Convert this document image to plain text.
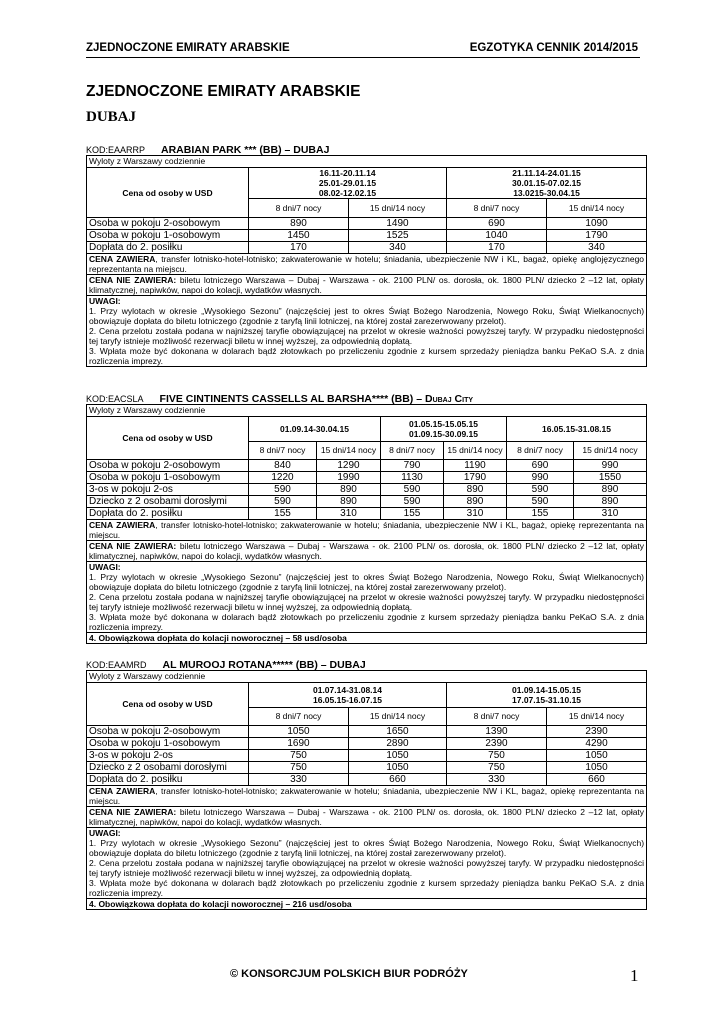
ZJEDNOCZONE EMIRATY ARABSKIE	EGZOTYKA CENNIK 2014/2015
ZJEDNOCZONE EMIRATY ARABSKIE
DUBAJ
KOD:EAARRP ARABIAN PARK *** (BB) – DUBAJ
Wyloty z Warszawy codziennie				
Cena od osoby w USD	16.11-20.11.14
25.01-29.01.15
08.02-12.02.15		21.11.14-24.01.15
30.01.15-07.02.15
13.0215-30.04.15	
	8 dni/7 nocy	15 dni/14 nocy	8 dni/7 nocy	15 dni/14 nocy
Osoba w pokoju 2-osobowym	890	1490	690	1090
Osoba w pokoju 1-osobowym	1450	1525	1040	1790
Dopłata do 2. posiłku	170	340	170	340
CENA ZAWIERA, transfer lotnisko-hotel-lotnisko; zakwaterowanie w hotelu; śniadania, ubezpieczenie NW i KL, bagaż, opiekę anglojęzycznego reprezentanta na miejscu.				
CENA NIE ZAWIERA: biletu lotniczego Warszawa – Dubaj - Warszawa - ok. 2100 PLN/ os. dorosła, ok. 1800 PLN/ dziecko 2 –12 lat, opłaty klimatycznej, napiwków, napoi do kolacji, wydatków własnych.				

UWAGI:
1. Przy wylotach w okresie „Wysokiego Sezonu” (najczęściej jest to okres Świąt Bożego Narodzenia, Nowego Roku, Świąt Wielkanocnych) obowiązuje dopłata do biletu lotniczego (zgodnie z taryfą linii lotniczej, na której został zarezerwowany przelot).
2. Cena przelotu została podana w najniższej taryfie obowiązującej na przelot w okresie ważności powyższej taryfy. W przypadku niedostępności tej taryfy istnieje możliwość rezerwacji biletu w innej wyższej, za odpowiednią dopłatą.
3. Wpłata może być dokonana w dolarach bądź złotowkach po przeliczeniu zgodnie z kursem sprzedaży pieniądza banku PeKaO S.A. z dnia rozliczenia imprezy.				
KOD:EACSLA FIVE CINTINENTS CASSELLS AL BARSHA**** (BB) – Dubaj City
Wyloty z Warszawy codziennie						
Cena od osoby w USD	01.09.14-30.04.15		01.05.15-15.05.15
01.09.15-30.09.15		16.05.15-31.08.15	
	8 dni/7 nocy	15 dni/14 nocy	8 dni/7 nocy	15 dni/14 nocy	8 dni/7 nocy	15 dni/14 nocy
Osoba w pokoju 2-osobowym	840	1290	790	1190	690	990
Osoba w pokoju 1-osobowym	1220	1990	1130	1790	990	1550
3-os w pokoju 2-os	590	890	590	890	590	890
Dziecko z 2 osobami dorosłymi	590	890	590	890	590	890
Dopłata do 2. posiłku	155	310	155	310	155	310
CENA ZAWIERA, transfer lotnisko-hotel-lotnisko; zakwaterowanie w hotelu; śniadania, ubezpieczenie NW i KL, bagaż, opiekę reprezentanta na miejscu.						
CENA NIE ZAWIERA: biletu lotniczego Warszawa – Dubaj - Warszawa - ok. 2100 PLN/ os. dorosła, ok. 1800 PLN/ dziecko 2 –12 lat, opłaty klimatycznej, napiwków, napoi do kolacji, wydatków własnych.						

UWAGI:
1. Przy wylotach w okresie „Wysokiego Sezonu” (najczęściej jest to okres Świąt Bożego Narodzenia, Nowego Roku, Świąt Wielkanocnych) obowiązuje dopłata do biletu lotniczego (zgodnie z taryfą linii lotniczej, na której został zarezerwowany przelot).
2. Cena przelotu została podana w najniższej taryfie obowiązującej na przelot w okresie ważności powyższej taryfy. W przypadku niedostępności tej taryfy istnieje możliwość rezerwacji biletu w innej wyższej, za odpowiednią dopłatą.
3. Wpłata może być dokonana w dolarach bądź złotowkach po przeliczeniu zgodnie z kursem sprzedaży pieniądza banku PeKaO S.A. z dnia rozliczenia imprezy.						

4. Obowiązkowa dopłata do kolacji noworocznej – 58 usd/osoba						
KOD:EAAMRD AL MUROOJ ROTANA***** (BB) – DUBAJ
Wyloty z Warszawy codziennie				
Cena od osoby w USD	01.07.14-31.08.14
16.05.15-16.07.15		01.09.14-15.05.15
17.07.15-31.10.15	
	8 dni/7 nocy	15 dni/14 nocy	8 dni/7 nocy	15 dni/14 nocy
Osoba w pokoju 2-osobowym	1050	1650	1390	2390
Osoba w pokoju 1-osobowym	1690	2890	2390	4290
3-os w pokoju 2-os	750	1050	750	1050
Dziecko z 2 osobami dorosłymi	750	1050	750	1050
Dopłata do 2. posiłku	330	660	330	660
CENA ZAWIERA, transfer lotnisko-hotel-lotnisko; zakwaterowanie w hotelu; śniadania, ubezpieczenie NW i KL, bagaż, opiekę reprezentanta na miejscu.				
CENA NIE ZAWIERA: biletu lotniczego Warszawa – Dubaj - Warszawa - ok. 2100 PLN/ os. dorosła, ok. 1800 PLN/ dziecko 2 –12 lat, opłaty klimatycznej, napiwków, napoi do kolacji, wydatków własnych.				

UWAGI:
1. Przy wylotach w okresie „Wysokiego Sezonu” (najczęściej jest to okres Świąt Bożego Narodzenia, Nowego Roku, Świąt Wielkanocnych) obowiązuje dopłata do biletu lotniczego (zgodnie z taryfą linii lotniczej, na której został zarezerwowany przelot).
2. Cena przelotu została podana w najniższej taryfie obowiązującej na przelot w okresie ważności powyższej taryfy. W przypadku niedostępności tej taryfy istnieje możliwość rezerwacji biletu w innej wyższej, za odpowiednią dopłatą.
3. Wpłata może być dokonana w dolarach bądź złotowkach po przeliczeniu zgodnie z kursem sprzedaży pieniądza banku PeKaO S.A. z dnia rozliczenia imprezy.				

4. Obowiązkowa dopłata do kolacji noworocznej – 216 usd/osoba				
© KONSORCJUM POLSKICH BIUR PODRÓŻY	1
